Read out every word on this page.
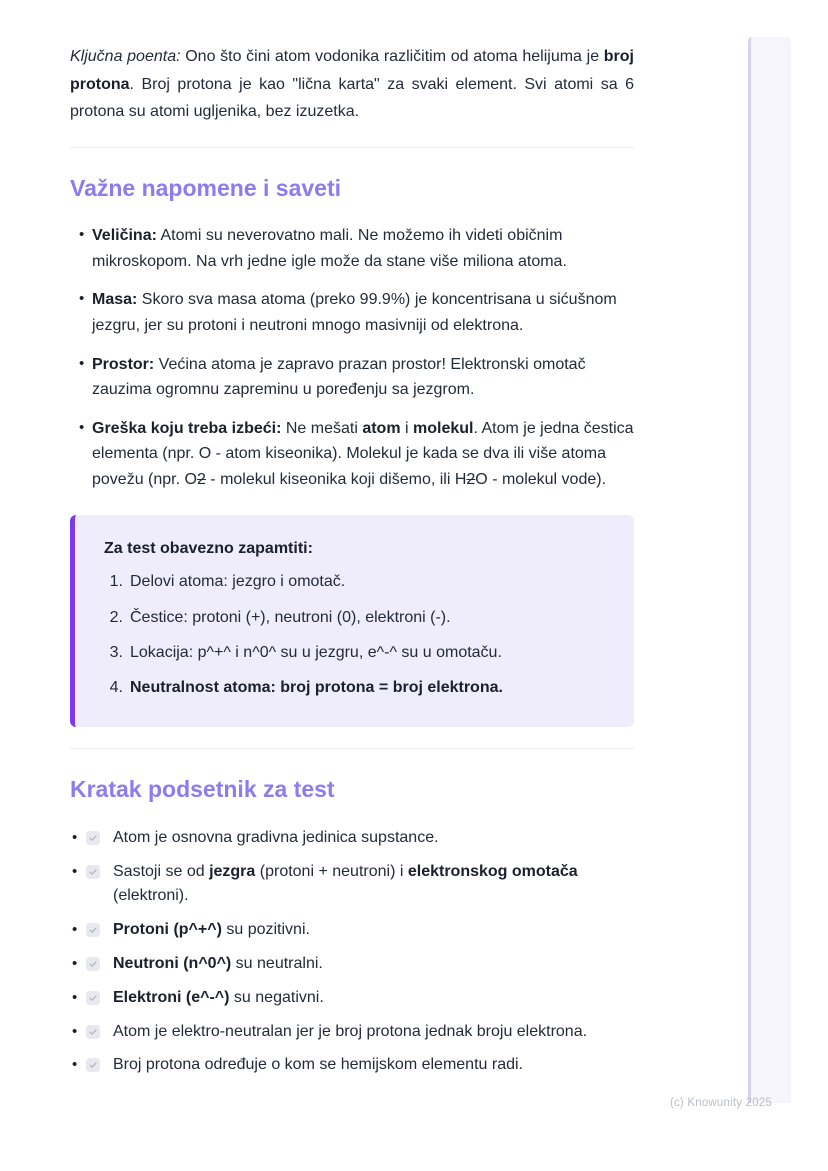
Ključna poenta: Ono što čini atom vodonika različitim od atoma helijuma je broj protona. Broj protona je kao "lična karta" za svaki element. Svi atomi sa 6 protona su atomi ugljenika, bez izuzetka.

Važne napomene i saveti
• Veličina: Atomi su neverovatno mali. Ne možemo ih videti običnim mikroskopom. Na vrh jedne igle može da stane više miliona atoma.
• Masa: Skoro sva masa atoma (preko 99.9%) je koncentrisana u sićušnom jezgru, jer su protoni i neutroni mnogo masivniji od elektrona.
• Prostor: Većina atoma je zapravo prazan prostor! Elektronski omotač zauzima ogromnu zapreminu u poređenju sa jezgrom.
• Greška koju treba izbeći: Ne mešati atom i molekul. Atom je jedna čestica elementa (npr. O - atom kiseonika). Molekul je kada se dva ili više atoma povežu (npr. O2 - molekul kiseonika koji dišemo, ili H2O - molekul vode).

Za test obavezno zapamtiti:

1. Delovi atoma: jezgro i omotač.
2. Čestice: protoni (+), neutroni (0), elektroni (-).
3. Lokacija: p^+^ i n^0^ su u jezgru, e^-^ su u omotaču.
4. Neutralnost atoma: broj protona = broj elektrona.
Kratak podsetnik za test
•	Atom je osnovna gradivna jedinica supstance.
•	Sastoji se od jezgra (protoni + neutroni) i elektronskog omotača (elektroni).
•	Protoni (p^+^) su pozitivni.
•	Neutroni (n^0^) su neutralni.
•	Elektroni (e^-^) su negativni.
•	Atom je elektro-neutralan jer je broj protona jednak broju elektrona.
•	Broj protona određuje o kom se hemijskom elementu radi.
(c) Knowunity 2025
